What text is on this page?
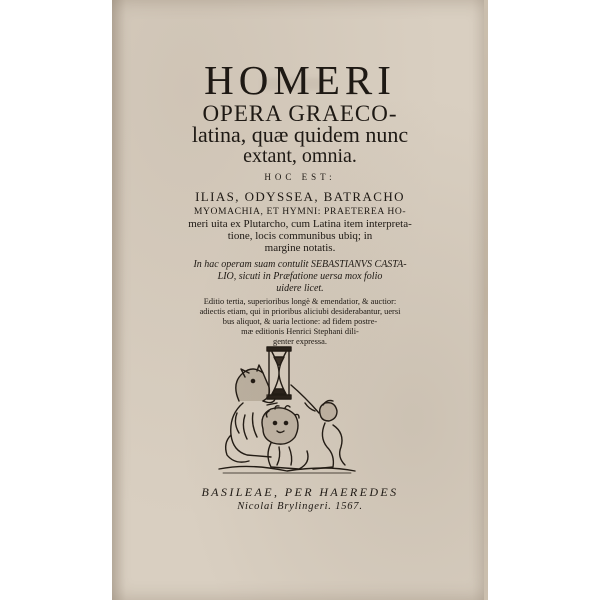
HOMERI

OPERA GRAECO-

latina, quæ quidem nunc

extant, omnia.

HOC EST:

ILIAS, ODYSSEA, BATRACHO

MYOMACHIA, ET HYMNI: PRAETEREA HO-

meri uita ex Plutarcho, cum Latina item interpreta-

tione, locis communibus ubiq; in

margine notatis.

In hac operam suam contulit SEBASTIANVS CASTA-

LIO, sicuti in Præfatione uersa mox folio

uidere licet.

Editio tertia, superioribus longè & emendatior, & auctior:

adiectis etiam, qui in prioribus aliciubi desiderabantur, uersi

bus aliquot, & uaria lectione: ad fidem postre-

mæ editionis Henrici Stephani dili-

genter expressa.

BASILEAE, PER HAEREDES

Nicolai Brylingeri. 1567.
